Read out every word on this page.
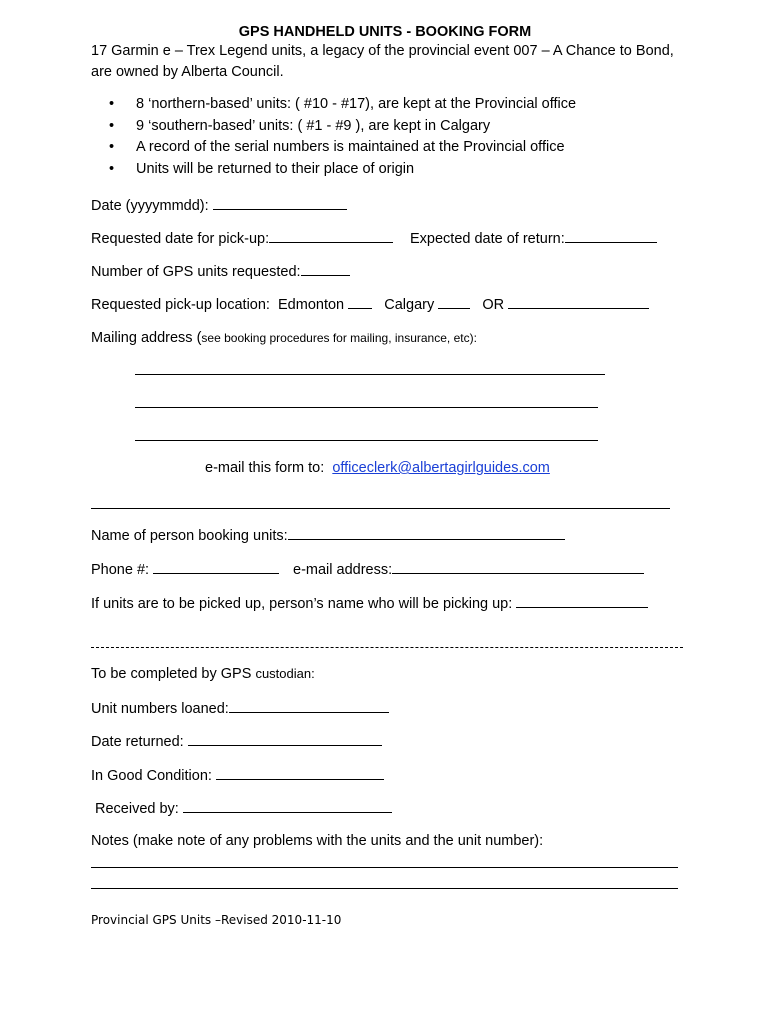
GPS HANDHELD UNITS - BOOKING FORM
17 Garmin e – Trex Legend units, a legacy of the provincial event 007 – A Chance to Bond, are owned by Alberta Council.
• 8 ‘northern-based’ units: ( #10 - #17), are kept at the Provincial office
• 9 ‘southern-based’ units: ( #1 - #9 ), are kept in Calgary
• A record of the serial numbers is maintained at the Provincial office
• Units will be returned to their place of origin
Date (yyyymmdd):
Requested date for pick-up:	Expected date of return:
Number of GPS units requested:
Requested pick-up location: Edmonton	Calgary	OR
Mailing address (see booking procedures for mailing, insurance, etc):
e-mail this form to: officeclerk@albertagirlguides.com
Name of person booking units:
Phone #:	e-mail address:
If units are to be picked up, person’s name who will be picking up:
To be completed by GPS custodian:
Unit numbers loaned:
Date returned:
In Good Condition:
Received by:
Notes (make note of any problems with the units and the unit number):
Provincial GPS Units –Revised 2010-11-10
